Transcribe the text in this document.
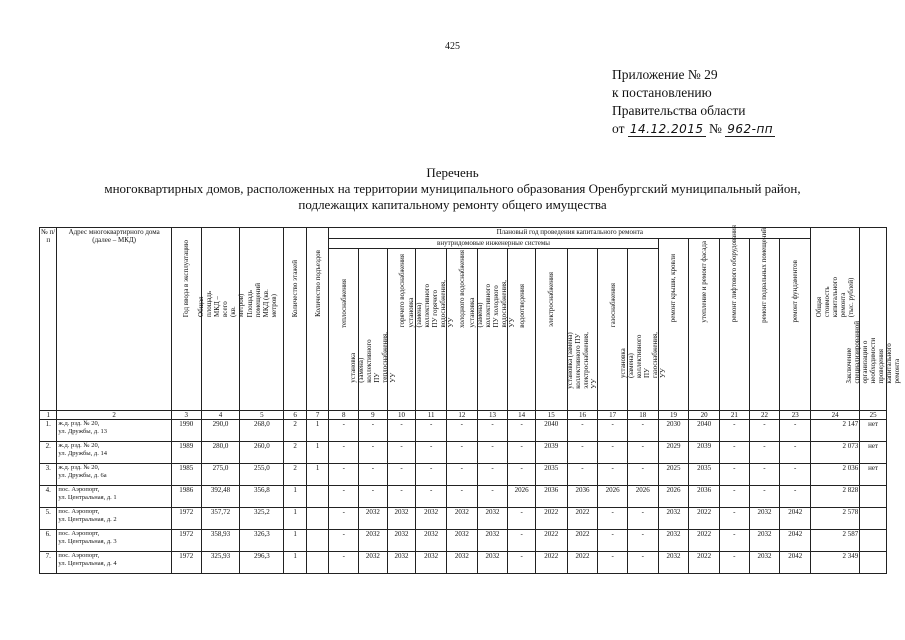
425
Приложение № 29
к постановлению
Правительства области
от 14.12.2015 № 962-пп
Перечень
многоквартирных домов, расположенных на территории муниципального образования Оренбургский муниципальный район,
подлежащих капитальному ремонту общего имущества
№ п/п	Адрес многоквартирного дома (далее – МКД)	Год ввода в эксплуатацию	Общая площадь МКД – всего (кв. метров)	Площадь помещений МКД (кв. метров)	Количество этажей	Количество подъездов	Плановый год проведения капитального ремонта																Общая стоимость капитального ремонта (тыс. рублей)	Заключение специализированной организации о необходимости проведения капитального ремонта

							внутридомовые инженерные системы											ремонт крыши, кровли	утепление и ремонт фасада	ремонт лифтового оборудования	ремонт подвальных помещений	ремонт фундаментов		

							теплоснабжения	установка (замена) коллективного ПУ теплоснабжения, УУ	горячего водоснабжения	установка (замена) коллективного ПУ горячего водоснабжения, УУ	холодного водоснабжения	установка (замена) коллективного ПУ холодного водоснабжения, УУ	водоотведения	электроснабжения	установка (замена) коллективного ПУ электроснабжения, УУ	газоснабжения	установка (замена) коллективного ПУ газоснабжения, УУ							

1	2	3	4	5	6	7	8	9	10	11	12	13	14	15	16	17	18	19	20	21	22	23	24	25
1.	ж.д. рзд. № 20,
ул. Дружбы, д. 13	1990	290,0	268,0	2	1	-	-	-	-	-	-	-	2040	-	-	-	2030	2040	-	-	-	2 147	нет
2.	ж.д. рзд. № 20,
ул. Дружбы, д. 14	1989	280,0	260,0	2	1	-	-	-	-	-	-	-	2039	-	-	-	2029	2039	-	-	-	2 073	нет
3.	ж.д. рзд. № 20,
ул. Дружбы, д. 6а	1985	275,0	255,0	2	1	-	-	-	-	-	-	-	2035	-	-	-	2025	2035	-	-	-	2 036	нет
4.	пос. Аэропорт,
ул. Центральная, д. 1	1986	392,48	356,8	1		-	-	-	-	-	-	2026	2036	2036	2026	2026	2026	2036	-	-	-	2 828	
5.	пос. Аэропорт,
ул. Центральная, д. 2	1972	357,72	325,2	1		-	2032	2032	2032	2032	2032	-	2022	2022	-	-	2032	2022	-	2032	2042	2 578	
6.	пос. Аэропорт,
ул. Центральная, д. 3	1972	358,93	326,3	1		-	2032	2032	2032	2032	2032	-	2022	2022	-	-	2032	2022	-	2032	2042	2 587	
7.	пос. Аэропорт,
ул. Центральная, д. 4	1972	325,93	296,3	1		-	2032	2032	2032	2032	2032	-	2022	2022	-	-	2032	2022	-	2032	2042	2 349	
